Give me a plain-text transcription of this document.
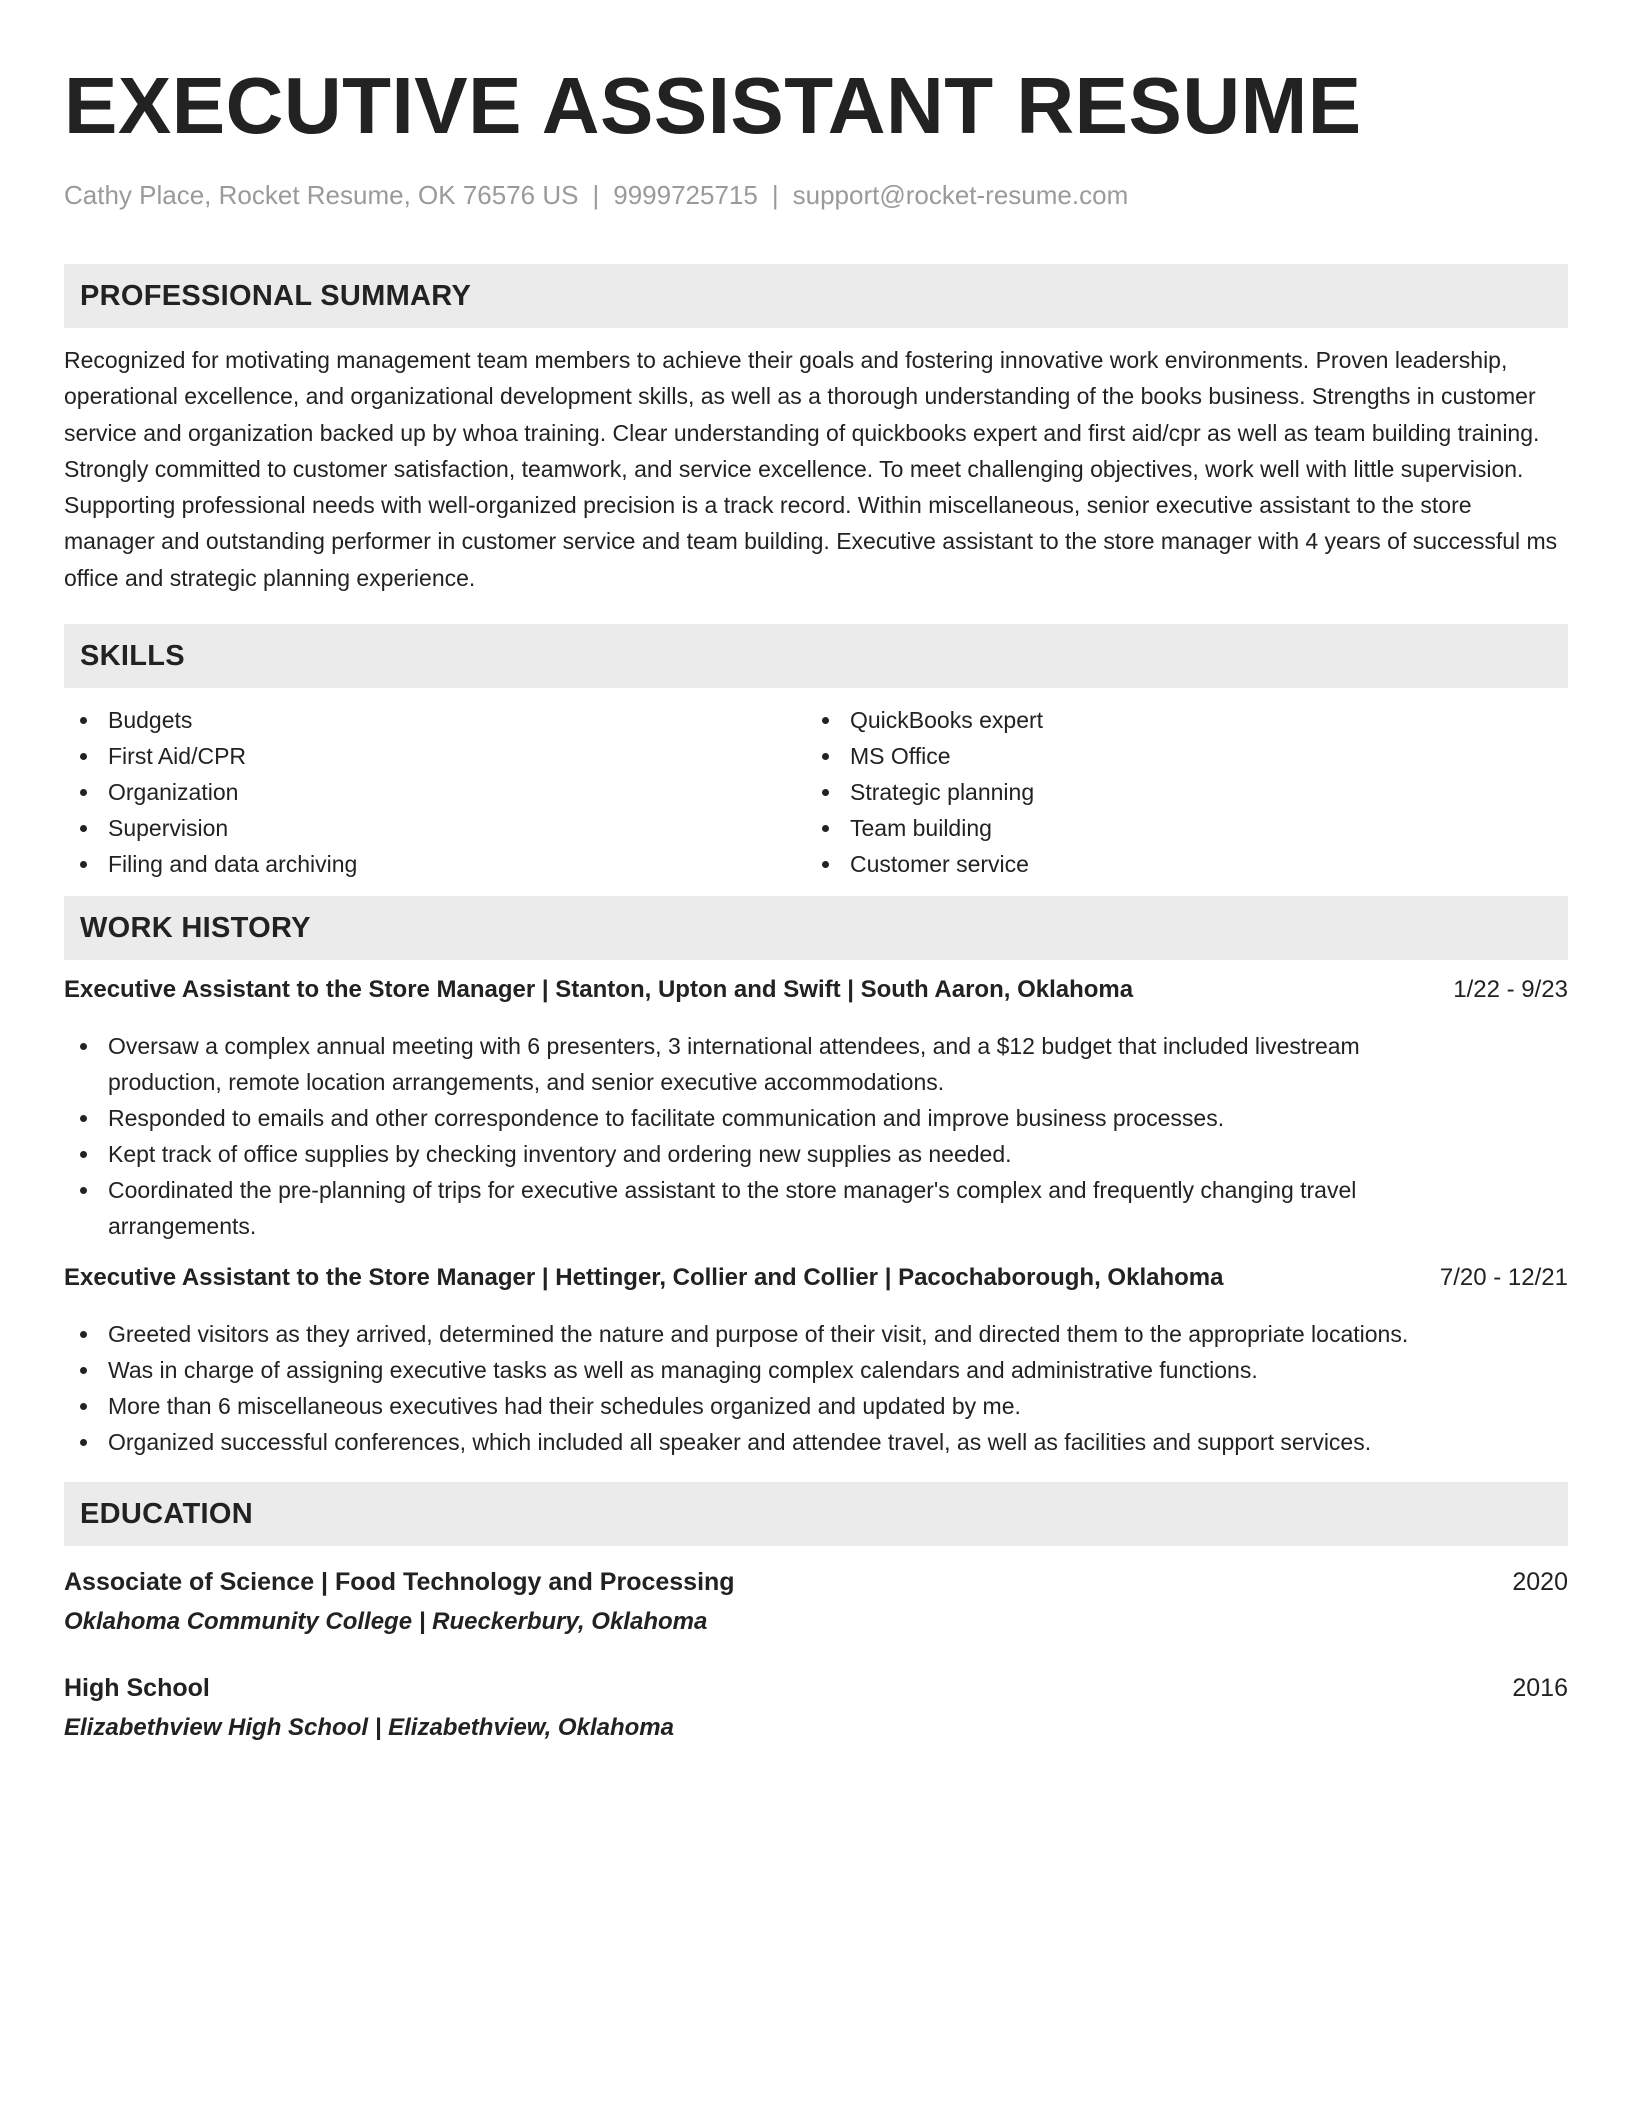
EXECUTIVE ASSISTANT RESUME
Cathy Place, Rocket Resume, OK 76576 US | 9999725715 | support@rocket-resume.com
PROFESSIONAL SUMMARY

Recognized for motivating management team members to achieve their goals and fostering innovative work environments. Proven leadership, operational excellence, and organizational development skills, as well as a thorough understanding of the books business. Strengths in customer service and organization backed up by whoa training. Clear understanding of quickbooks expert and first aid/cpr as well as team building training. Strongly committed to customer satisfaction, teamwork, and service excellence. To meet challenging objectives, work well with little supervision. Supporting professional needs with well-organized precision is a track record. Within miscellaneous, senior executive assistant to the store manager and outstanding performer in customer service and team building. Executive assistant to the store manager with 4 years of successful ms office and strategic planning experience.

SKILLS
Budgets
First Aid/CPR
Organization
Supervision
Filing and data archiving
QuickBooks expert
MS Office
Strategic planning
Team building
Customer service
WORK HISTORY
Executive Assistant to the Store Manager | Stanton, Upton and Swift | South Aaron, Oklahoma	1/22 - 9/23
Oversaw a complex annual meeting with 6 presenters, 3 international attendees, and a $12 budget that included livestream production, remote location arrangements, and senior executive accommodations.
Responded to emails and other correspondence to facilitate communication and improve business processes.
Kept track of office supplies by checking inventory and ordering new supplies as needed.
Coordinated the pre-planning of trips for executive assistant to the store manager's complex and frequently changing travel arrangements.
Executive Assistant to the Store Manager | Hettinger, Collier and Collier | Pacochaborough, Oklahoma	7/20 - 12/21
Greeted visitors as they arrived, determined the nature and purpose of their visit, and directed them to the appropriate locations.
Was in charge of assigning executive tasks as well as managing complex calendars and administrative functions.
More than 6 miscellaneous executives had their schedules organized and updated by me.
Organized successful conferences, which included all speaker and attendee travel, as well as facilities and support services.
EDUCATION
Associate of Science | Food Technology and Processing	2020
Oklahoma Community College | Rueckerbury, Oklahoma
High School	2016
Elizabethview High School | Elizabethview, Oklahoma
